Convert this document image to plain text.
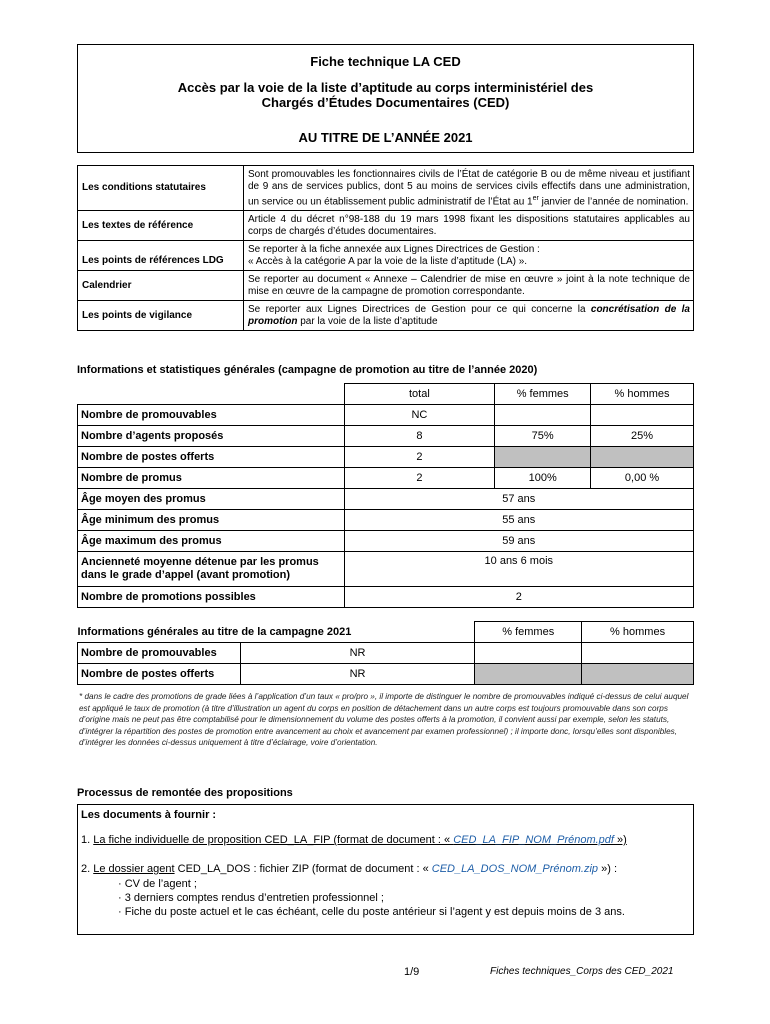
Fiche technique LA CED
Accès par la voie de la liste d’aptitude au corps interministériel des
Chargés d’Études Documentaires (CED)
AU TITRE DE L’ANNÉE 2021
Les conditions statutaires	Sont promouvables les fonctionnaires civils de l’État de catégorie B ou de même niveau et justifiant de 9 ans de services publics, dont 5 au moins de services civils effectifs dans une administration, un service ou un établissement public administratif de l’État au 1er janvier de l’année de nomination.
Les textes de référence	Article 4 du décret n°98-188 du 19 mars 1998 fixant les dispositions statutaires applicables au corps de chargés d’études documentaires.
Les points de références LDG	Se reporter à la fiche annexée aux Lignes Directrices de Gestion :
« Accès à la catégorie A par la voie de la liste d’aptitude (LA) ».
Calendrier	Se reporter au document « Annexe – Calendrier de mise en œuvre » joint à la note technique de mise en œuvre de la campagne de promotion correspondante.
Les points de vigilance	Se reporter aux Lignes Directrices de Gestion pour ce qui concerne la concrétisation de la promotion par la voie de la liste d’aptitude
Informations et statistiques générales (campagne de promotion au titre de l’année 2020)
	total	% femmes	% hommes
Nombre de promouvables	NC		
Nombre d’agents proposés	8	75%	25%
Nombre de postes offerts	2		
Nombre de promus	2	100%	0,00 %
Âge moyen des promus	57 ans		
Âge minimum des promus	55 ans		
Âge maximum des promus	59 ans		
Ancienneté moyenne détenue par les promus
dans le grade d’appel (avant promotion)	10 ans 6 mois		
Nombre de promotions possibles	2		
Informations générales au titre de la campagne 2021		% femmes	% hommes
Nombre de promouvables	NR		
Nombre de postes offerts	NR		
* dans le cadre des promotions de grade liées à l’application d’un taux « pro/pro », il importe de distinguer le nombre de promouvables indiqué ci-dessus de celui auquel est appliqué le taux de promotion (à titre d’illustration un agent du corps en position de détachement dans un autre corps est toujours promouvable dans son corps d’origine mais ne peut pas être comptabilisé pour le dimensionnement du volume des postes offerts à la promotion, il convient aussi par exemple, selon les statuts, d’intégrer la répartition des postes de promotion entre avancement au choix et avancement par examen professionnel) ; il importe donc, lorsqu’elles sont disponibles, d’intégrer les données ci-dessus uniquement à titre d’éclairage, voire d’orientation.
Processus de remontée des propositions
Les documents à fournir :
1. La fiche individuelle de proposition CED_LA_FIP (format de document : « CED_LA_FIP_NOM_Prénom.pdf »)
2. Le dossier agent CED_LA_DOS : fichier ZIP (format de document : « CED_LA_DOS_NOM_Prénom.zip ») :
· CV de l’agent ;
· 3 derniers comptes rendus d’entretien professionnel ;
· Fiche du poste actuel et le cas échéant, celle du poste antérieur si l’agent y est depuis moins de 3 ans.
1/9	Fiches techniques_Corps des CED_2021
